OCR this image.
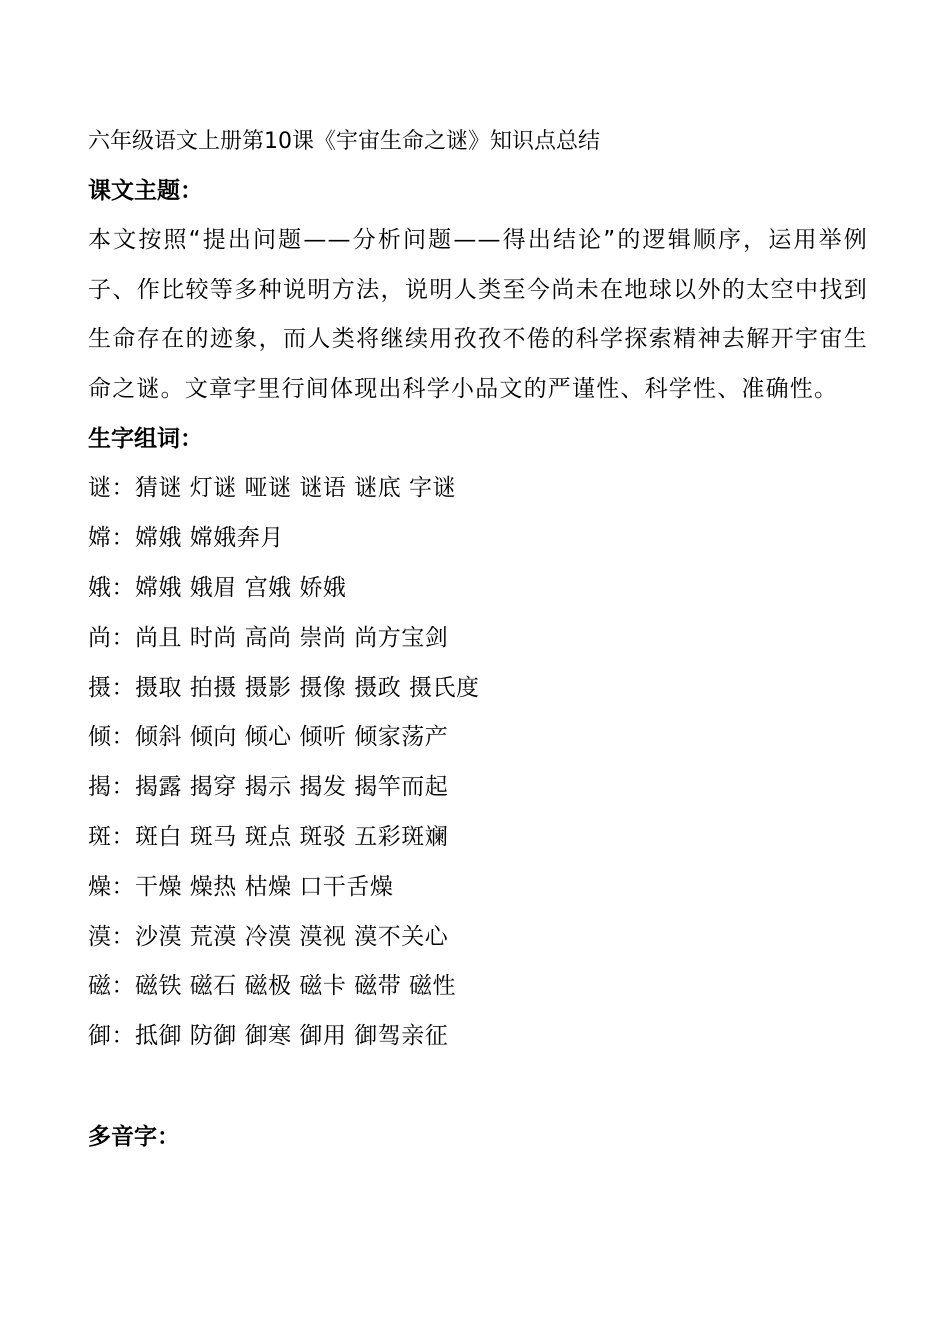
六年级语文上册第10课《宇宙生命之谜》知识点总结
课文主题：

本文按照“提出问题——分析问题——得出结论”的逻辑顺序，运用举例子、作比较等多种说明方法，说明人类至今尚未在地球以外的太空中找到生命存在的迹象，而人类将继续用孜孜不倦的科学探索精神去解开宇宙生命之谜。文章字里行间体现出科学小品文的严谨性、科学性、准确性。

生字组词：
谜：猜谜 灯谜 哑谜 谜语 谜底 字谜
嫦：嫦娥 嫦娥奔月
娥：嫦娥 娥眉 宫娥 娇娥
尚：尚且 时尚 高尚 崇尚 尚方宝剑
摄：摄取 拍摄 摄影 摄像 摄政 摄氏度
倾：倾斜 倾向 倾心 倾听 倾家荡产
揭：揭露 揭穿 揭示 揭发 揭竿而起
斑：斑白 斑马 斑点 斑驳 五彩斑斓
燥：干燥 燥热 枯燥 口干舌燥
漠：沙漠 荒漠 冷漠 漠视 漠不关心
磁：磁铁 磁石 磁极 磁卡 磁带 磁性
御：抵御 防御 御寒 御用 御驾亲征
多音字：
